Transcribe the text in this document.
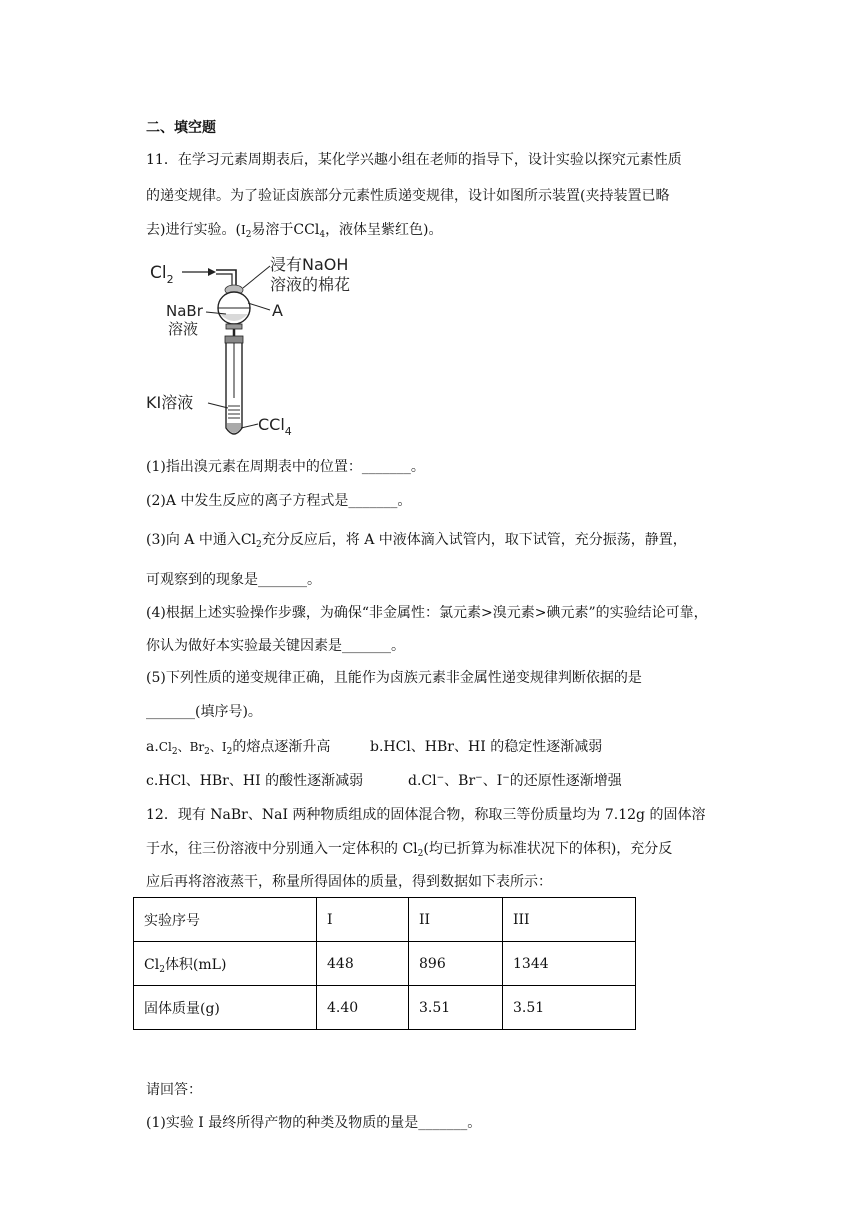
二、填空题
11．在学习元素周期表后，某化学兴趣小组在老师的指导下，设计实验以探究元素性质
的递变规律。为了验证卤族部分元素性质递变规律，设计如图所示装置(夹持装置已略
去)进行实验。($I_2$易溶于CCl$_4$，液体呈紫红色)。
$Cl_2$
浸有NaOH
溶液的棉花
A
NaBr
溶液
KI溶液
CCl$_4$
(1)指出溴元素在周期表中的位置：_______。
(2)A 中发生反应的离子方程式是_______。
(3)向 A 中通入$Cl_2$充分反应后，将 A 中液体滴入试管内，取下试管，充分振荡，静置，
可观察到的现象是_______。
(4)根据上述实验操作步骤，为确保“非金属性：氯元素>溴元素>碘元素”的实验结论可靠，
你认为做好本实验最关键因素是_______。
(5)下列性质的递变规律正确，且能作为卤族元素非金属性递变规律判断依据的是
_______(填序号)。
$a.Cl_2$、$Br_2$、$I_2$的熔点逐渐升高	b.HCl、HBr、HI 的稳定性逐渐减弱
c.HCl、HBr、HI 的酸性逐渐减弱	d.Cl−、Br−、I−的还原性逐渐增强
12．现有 NaBr、NaI 两种物质组成的固体混合物，称取三等份质量均为 7.12g 的固体溶
于水，往三份溶液中分别通入一定体积的 $Cl_2$(均已折算为标准状况下的体积)，充分反
应后再将溶液蒸干，称量所得固体的质量，得到数据如下表所示：
实验序号	I	II	III
$Cl_2$体积(mL)	448	896	1344
固体质量(g)	4.40	3.51	3.51
请回答：
(1)实验 I 最终所得产物的种类及物质的量是_______。
